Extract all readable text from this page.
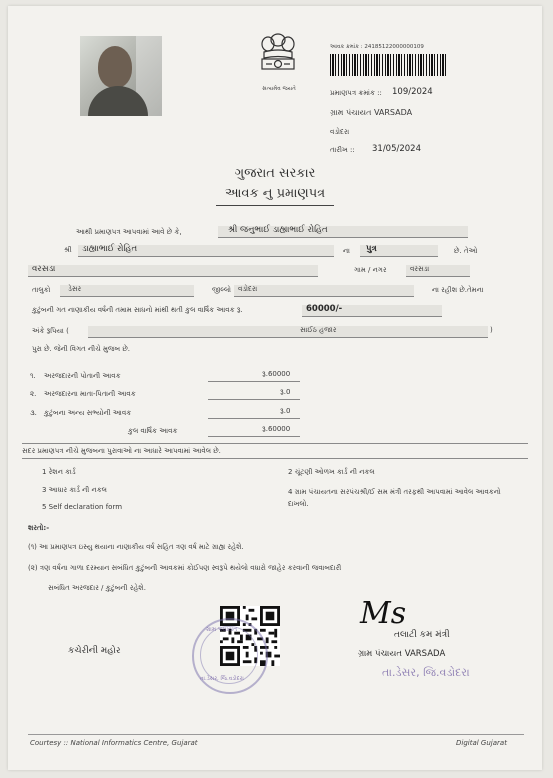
સત્યમેવ જયતે
આવક ક્રમાંક : 24185122000000109
પ્રમાણપત્ર ક્રમાંક :: 109/2024
ગ્રામ પંચાયત VARSADA
વડોદરા
તારીખ :: 31/05/2024
ગુજરાત સરકાર
આવક નુ પ્રમાણપત્ર
આથી પ્રમાણપત્ર આપવામાં આવે છે કે,	શ્રી જનુભાઈ ડાહ્યાભાઈ રોહિત
શ્રી ડાહ્યાભાઈ રોહિત	ના પુત્ર	છે. તેઓ
વરસડા	ગામ / નગર	વરસડા
તાલુકો	ડેસર	જીલ્લો વડોદરા	ના રહીશ છે.તેમના
કુટુંબની ગત નાણાકીય વર્ષની તમામ સાધનો માંથી થતી કુલ વાર્ષિક આવક રૂ.	60000/-
અંકે રૂપિયા (	સાઈઠ હજાર	)
પુરા છે. જેની વિગત નીચે મુજબ છે.
૧. અરજદારની પોતાની આવક	રૂ.60000
૨. અરજદારના માતા-પિતાની આવક	રૂ.0
૩. કુટુંબના અન્ય સભ્યોની આવક	રૂ.0
કુલ વાર્ષિક આવક	રૂ.60000
સદર પ્રમાણપત્ર નીચે મુજબના પુરાવાઓ ના આધારે આપવામાં આવેલ છે.
1 રેશન કાર્ડ	2 ચૂંટણી ઓળખ કાર્ડ ની નકલ
3 આધાર કાર્ડ ની નકલ	4 ગ્રામ પંચાયતના સરપંચશ્રી/ઈ સમ મંત્રી તરફથી આપવામાં આવેલ આવકનો દાખલો.
5 Self declaration form
શરતો:-
(૧) આ પ્રમાણપત્ર ઇસ્યુ થયાના નાણાકીય વર્ષ સહિત ત્રણ વર્ષ માટે ગ્રાહ્ય રહેશે.
(૨) ત્રણ વર્ષના ગાળા દરમ્યાન સબંધિત કુટુંબની આવકમાં કોઈપણ સ્વરૂપે થયેલો વધારો જાહેર કરવાની જવાબદારી
સબંધિત અરજદાર / કુટુંબની રહેશે.
ગ્રામ પંચાયત
તા.ડેસર, જિ.વડોદરા
કચેરીની મહોર
Ms
તલાટી કમ મંત્રી
ગ્રામ પંચાયત VARSADA
તા.ડેસર, જિ.વડોદરા
Courtesy :: National Informatics Centre, Gujarat	Digital Gujarat
